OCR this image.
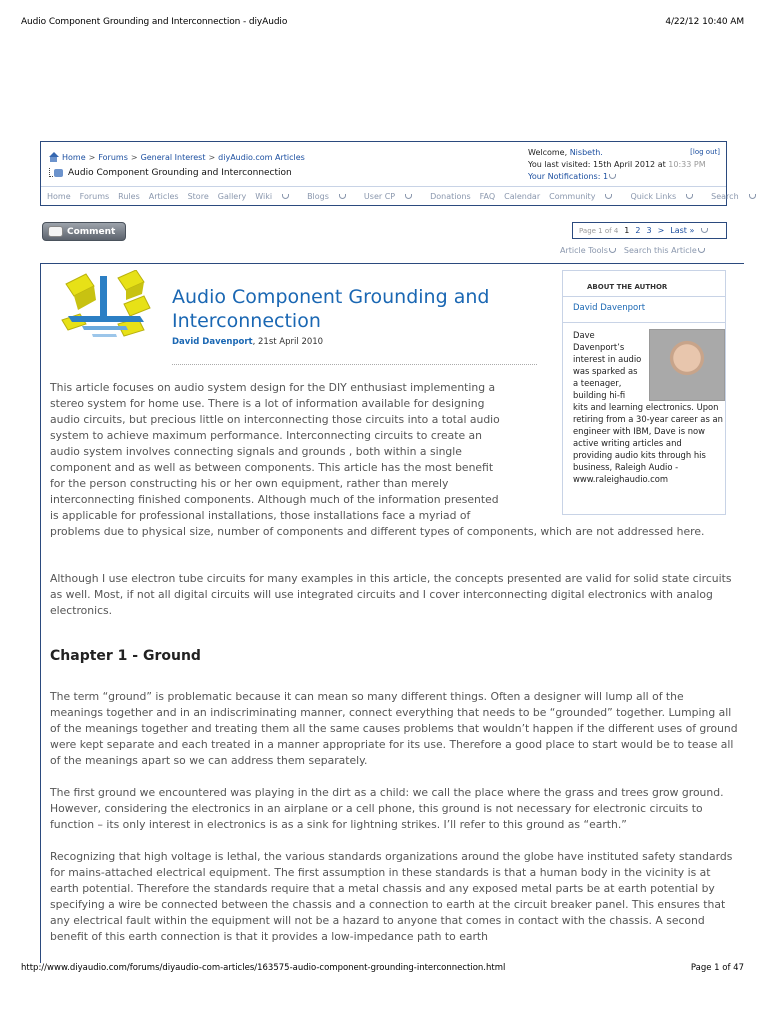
Audio Component Grounding and Interconnection - diyAudio	4/22/12 10:40 AM
Home > Forums > General Interest > diyAudio.com Articles
Audio Component Grounding and Interconnection
Welcome, Nisbeth.
You last visited: 15th April 2012 at 10:33 PM
Your Notifications: 1
[log out]
Home Forums Rules Articles Store Gallery Wiki	Blogs	User CP	Donations FAQ Calendar Community	Quick Links	Search
Comment	Page 1 of 4 1 2 3 > Last »
Article Tools	Search this Article
Audio Component Grounding and
Interconnection
David Davenport, 21st April 2010
ABOUT THE AUTHOR
David Davenport
Dave Davenport’s interest in audio was sparked as a teenager, building hi-fi
kits and learning electronics. Upon retiring from a 30-year career as an engineer with IBM, Dave is now active writing articles and providing audio kits through his business, Raleigh Audio - www.raleighaudio.com
This article focuses on audio system design for the DIY enthusiast implementing a stereo system for home use. There is a lot of information available for designing audio circuits, but precious little on interconnecting those circuits into a total audio system to achieve maximum performance. Interconnecting circuits to create an audio system involves connecting signals and grounds , both within a single component and as well as between components. This article has the most benefit for the person constructing his or her own equipment, rather than merely interconnecting finished components. Although much of the information presented is applicable for professional installations, those installations face a myriad of
problems due to physical size, number of components and different types of components, which are not addressed here.
Although I use electron tube circuits for many examples in this article, the concepts presented are valid for solid state circuits as well. Most, if not all digital circuits will use integrated circuits and I cover interconnecting digital electronics with analog electronics.
Chapter 1 - Ground
The term “ground” is problematic because it can mean so many different things. Often a designer will lump all of the meanings together and in an indiscriminating manner, connect everything that needs to be “grounded” together. Lumping all of the meanings together and treating them all the same causes problems that wouldn’t happen if the different uses of ground were kept separate and each treated in a manner appropriate for its use. Therefore a good place to start would be to tease all of the meanings apart so we can address them separately.
The first ground we encountered was playing in the dirt as a child: we call the place where the grass and trees grow ground. However, considering the electronics in an airplane or a cell phone, this ground is not necessary for electronic circuits to function – its only interest in electronics is as a sink for lightning strikes. I’ll refer to this ground as “earth.”
Recognizing that high voltage is lethal, the various standards organizations around the globe have instituted safety standards for mains-attached electrical equipment. The first assumption in these standards is that a human body in the vicinity is at earth potential. Therefore the standards require that a metal chassis and any exposed metal parts be at earth potential by specifying a wire be connected between the chassis and a connection to earth at the circuit breaker panel. This ensures that any electrical fault within the equipment will not be a hazard to anyone that comes in contact with the chassis. A second benefit of this earth connection is that it provides a low-impedance path to earth
http://www.diyaudio.com/forums/diyaudio-com-articles/163575-audio-component-grounding-interconnection.html	Page 1 of 47
